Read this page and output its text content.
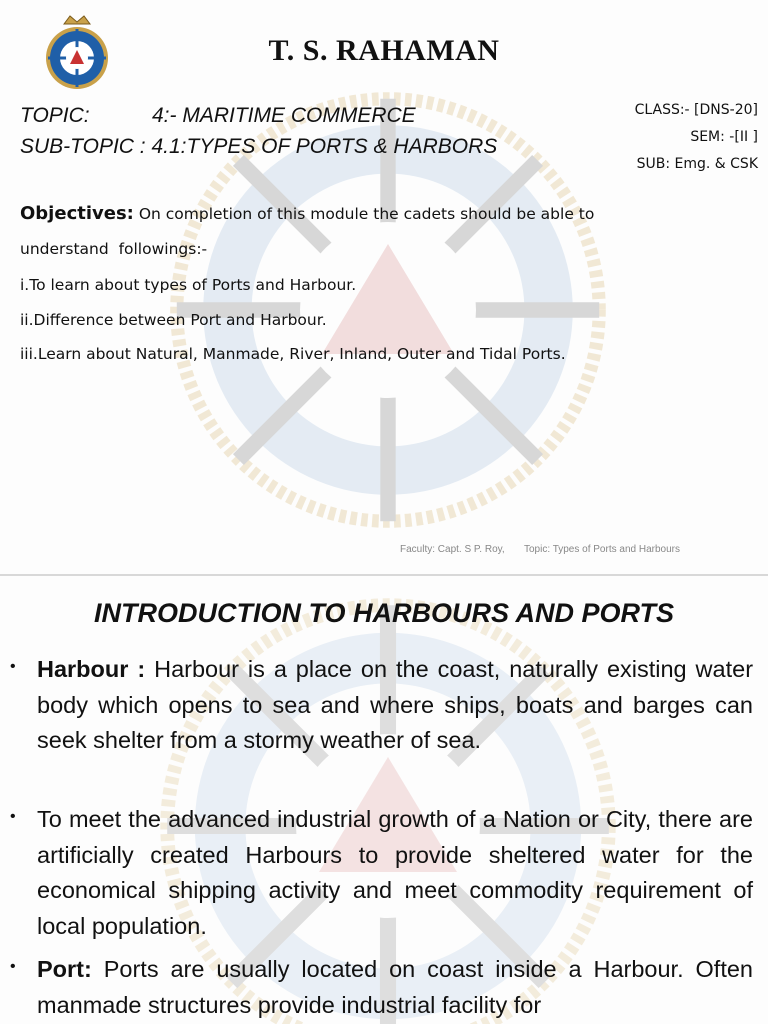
T. S. RAHAMAN
TOPIC:	4:- MARITIME COMMERCE
SUB-TOPIC : 4.1:TYPES OF PORTS & HARBORS
CLASS:- [DNS-20]
SEM: -[II ]
SUB: Emg. & CSK
Objectives: On completion of this module the cadets should be able to
understand  followings:-
i.To learn about types of Ports and Harbour.
ii.Difference between Port and Harbour.
iii.Learn about Natural, Manmade, River, Inland, Outer and Tidal Ports.
Faculty: Capt. S P. Roy, Topic: Types of Ports and Harbours
INTRODUCTION TO HARBOURS AND PORTS
• Harbour : Harbour is a place on the coast, naturally existing water body which opens to sea and where ships, boats and barges can seek shelter from a stormy weather of sea.
• To meet the advanced industrial growth of a Nation or City, there are artificially created Harbours to provide sheltered water for the economical shipping activity and meet commodity requirement of local population.
• Port: Ports are usually located on coast inside a Harbour. Often manmade structures provide industrial facility for
